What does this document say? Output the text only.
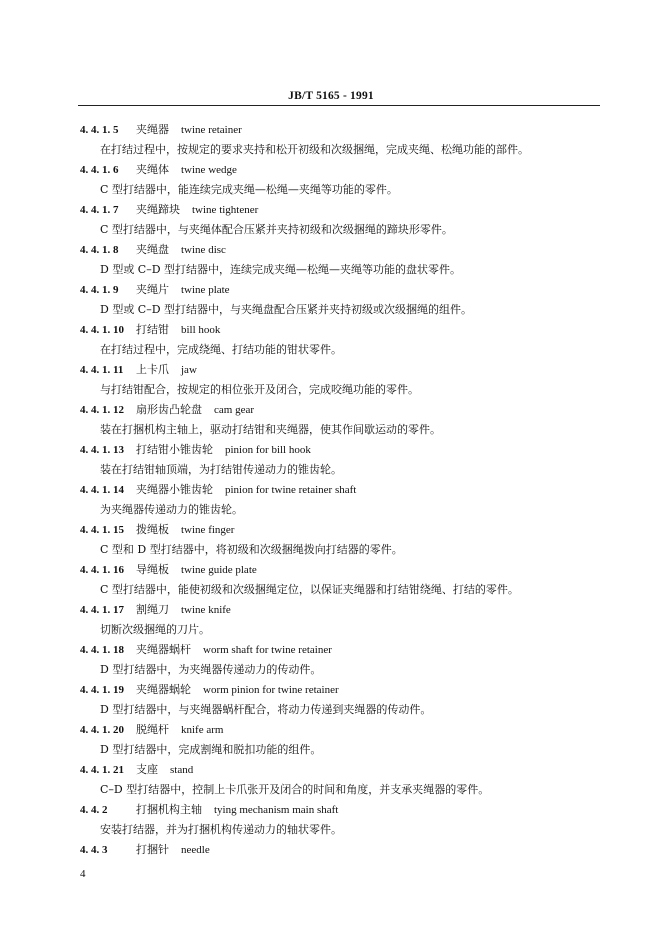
JB/T 5165 - 1991
4. 4. 1. 5 夹绳器 twine retainer
在打结过程中，按规定的要求夹持和松开初级和次级捆绳，完成夹绳、松绳功能的部件。
4. 4. 1. 6 夹绳体 twine wedge
C 型打结器中，能连续完成夹绳—松绳—夹绳等功能的零件。
4. 4. 1. 7 夹绳蹄块 twine tightener
C 型打结器中，与夹绳体配合压紧并夹持初级和次级捆绳的蹄块形零件。
4. 4. 1. 8 夹绳盘 twine disc
D 型或 C–D 型打结器中，连续完成夹绳—松绳—夹绳等功能的盘状零件。
4. 4. 1. 9 夹绳片 twine plate
D 型或 C–D 型打结器中，与夹绳盘配合压紧并夹持初级或次级捆绳的组件。
4. 4. 1. 10 打结钳 bill hook
在打结过程中，完成绕绳、打结功能的钳状零件。
4. 4. 1. 11 上卡爪 jaw
与打结钳配合，按规定的相位张开及闭合，完成咬绳功能的零件。
4. 4. 1. 12 扇形齿凸轮盘 cam gear
装在打捆机构主轴上，驱动打结钳和夹绳器，使其作间歇运动的零件。
4. 4. 1. 13 打结钳小锥齿轮 pinion for bill hook
装在打结钳轴顶端，为打结钳传递动力的锥齿轮。
4. 4. 1. 14 夹绳器小锥齿轮 pinion for twine retainer shaft
为夹绳器传递动力的锥齿轮。
4. 4. 1. 15 拨绳板 twine finger
C 型和 D 型打结器中，将初级和次级捆绳拨向打结器的零件。
4. 4. 1. 16 导绳板 twine guide plate
C 型打结器中，能使初级和次级捆绳定位，以保证夹绳器和打结钳绕绳、打结的零件。
4. 4. 1. 17 割绳刀 twine knife
切断次级捆绳的刀片。
4. 4. 1. 18 夹绳器蜗杆 worm shaft for twine retainer
D 型打结器中，为夹绳器传递动力的传动件。
4. 4. 1. 19 夹绳器蜗轮 worm pinion for twine retainer
D 型打结器中，与夹绳器蜗杆配合，将动力传递到夹绳器的传动件。
4. 4. 1. 20 脱绳杆 knife arm
D 型打结器中，完成割绳和脱扣功能的组件。
4. 4. 1. 21 支座 stand
C–D 型打结器中，控制上卡爪张开及闭合的时间和角度，并支承夹绳器的零件。
4. 4. 2	打捆机构主轴 tying mechanism main shaft
安装打结器，并为打捆机构传递动力的轴状零件。
4. 4. 3	打捆针 needle
4
